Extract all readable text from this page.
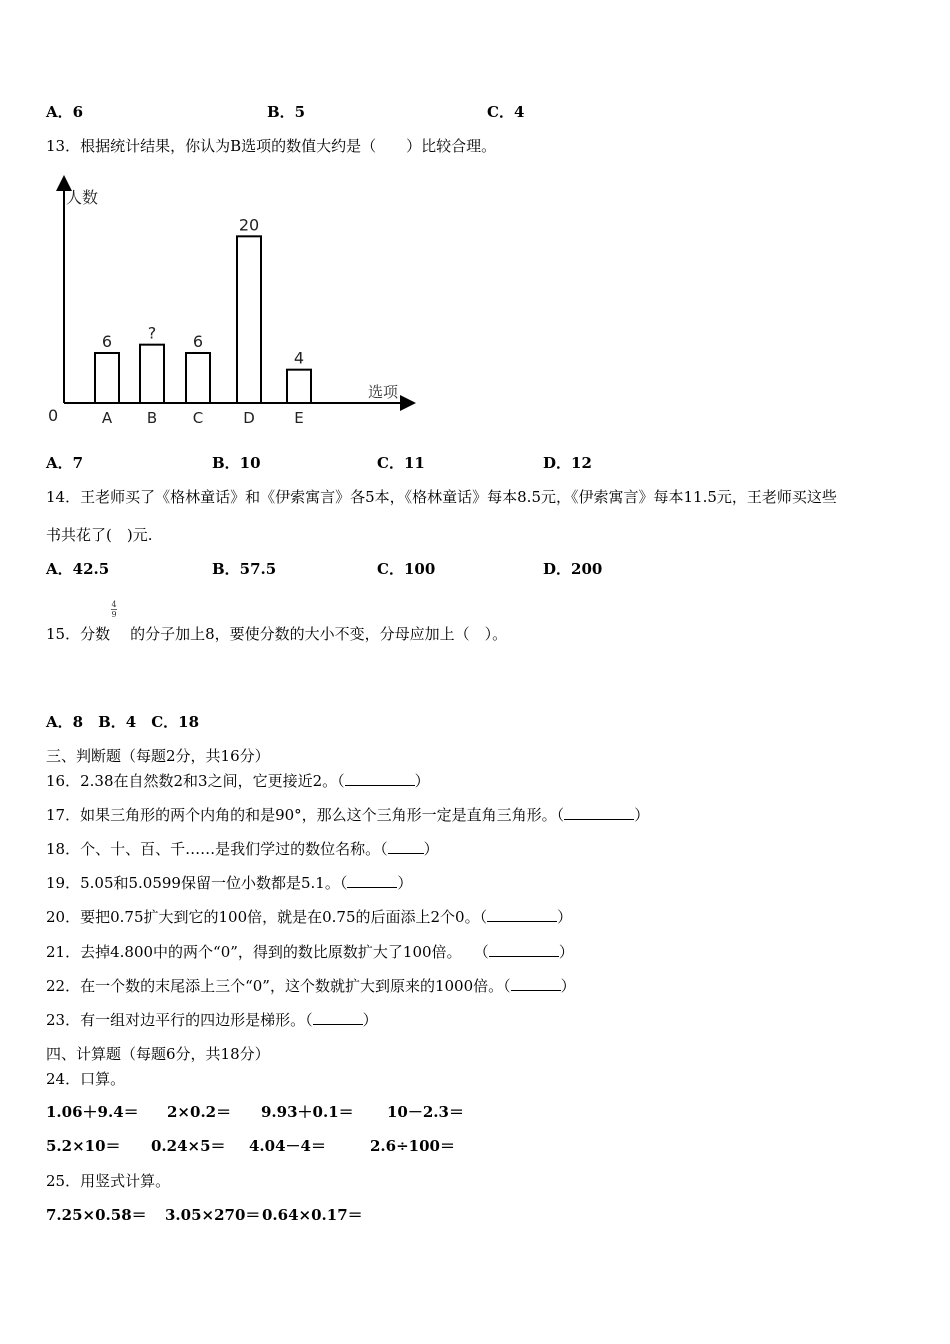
A．6	B．5	C．4
13．根据统计结果，你认为B选项的数值大约是（　　）比较合理。
人数
选项
0
6
A
?
B
6
C
20
D
4
E
A．7	B．10	C．11	D．12
14．王老师买了《格林童话》和《伊索寓言》各5本，《格林童话》每本8.5元，《伊索寓言》每本11.5元，王老师买这些
书共花了(　)元.
A．42.5	B．57.5	C．100	D．200
15．分数 的分子加上8，要使分数的大小不变，分母应加上（　）。
4
9
A．8　B．4　C．18
三、判断题（每题2分，共16分）
16．2.38在自然数2和3之间，它更接近2。（	）
17．如果三角形的两个内角的和是90°，那么这个三角形一定是直角三角形。（	）
18．个、十、百、千……是我们学过的数位名称。（ ）
19．5.05和5.0599保留一位小数都是5.1。（	）
20．要把0.75扩大到它的100倍，就是在0.75的后面添上2个0。（	）
21．去掉4.800中的两个“0”，得到的数比原数扩大了100倍。　 （	）
22．在一个数的末尾添上三个“0”，这个数就扩大到原来的1000倍。（	）
23．有一组对边平行的四边形是梯形。（	）
四、计算题（每题6分，共18分）
24．口算。
1.06＋9.4＝ 2×0.2＝ 9.93＋0.1＝ 10－2.3＝
5.2×10＝ 0.24×5＝ 4.04－4＝	2.6÷100＝
25．用竖式计算。
7.25×0.58＝ 3.05×270＝ 0.64×0.17＝
